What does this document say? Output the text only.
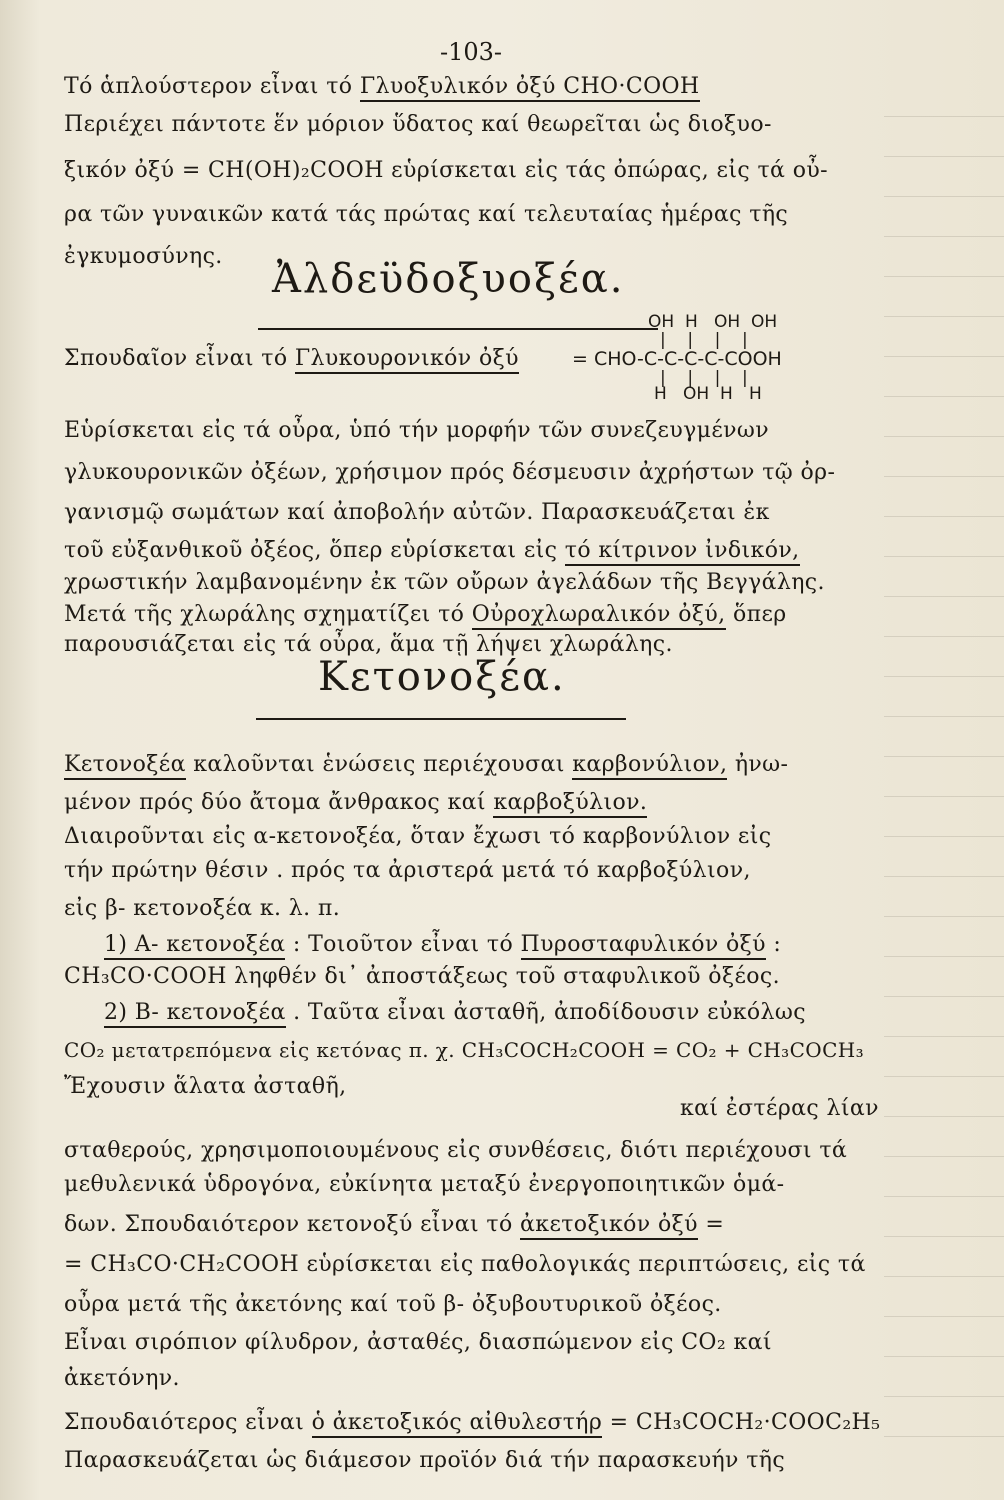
-103-
Τό ἁπλούστερον εἶναι τό Γλυοξυλικόν ὀξύ CHO·COOH
Περιέχει πάντοτε ἕν μόριον ὕδατος καί θεωρεῖται ὡς διοξυο-
ξικόν ὀξύ = CH(OH)₂COOH εὑρίσκεται εἰς τάς ὀπώρας, εἰς τά οὖ-
ρα τῶν γυναικῶν κατά τάς πρώτας καί τελευταίας ἡμέρας τῆς
ἐγκυμοσύνης. Ἀλδεϋδοξυοξέα.
OH  H   OH  OH
|    |    |    |
= CHO-C-C-C-C-COOH
|    |    |    |
H   OH  H   H
Σπουδαῖον εἶναι τό Γλυκουρονικόν ὀξύ
Εὑρίσκεται εἰς τά οὖρα, ὑπό τήν μορφήν τῶν συνεζευγμένων
γλυκουρονικῶν ὀξέων, χρήσιμον πρός δέσμευσιν ἀχρήστων τῷ ὀρ-
γανισμῷ σωμάτων καί ἀποβολήν αὐτῶν. Παρασκευάζεται ἐκ
τοῦ εὐξανθικοῦ ὀξέος, ὅπερ εὑρίσκεται εἰς τό κίτρινον ἰνδικόν,
χρωστικήν λαμβανομένην ἐκ τῶν οὔρων ἀγελάδων τῆς Βεγγάλης.
Μετά τῆς χλωράλης σχηματίζει τό Οὐροχλωραλικόν ὀξύ, ὅπερ
παρουσιάζεται εἰς τά οὖρα, ἅμα τῇ λήψει χλωράλης.
Κετονοξέα.
Κετονοξέα καλοῦνται ἑνώσεις περιέχουσαι καρβονύλιον, ἠνω-
μένον πρός δύο ἄτομα ἄνθρακος καί καρβοξύλιον.
Διαιροῦνται εἰς α-κετονοξέα, ὅταν ἔχωσι τό καρβονύλιον εἰς
τήν πρώτην θέσιν . πρός τα ἀριστερά μετά τό καρβοξύλιον,
εἰς β- κετονοξέα κ. λ. π.
1) Α- κετονοξέα : Τοιοῦτον εἶναι τό Πυροσταφυλικόν ὀξύ :
CH₃CO·COOH ληφθέν δι᾽ ἀποστάξεως τοῦ σταφυλικοῦ ὀξέος.
2) Β- κετονοξέα . Ταῦτα εἶναι ἀσταθῆ, ἀποδίδουσιν εὐκόλως
CO₂ μετατρεπόμενα εἰς κετόνας π. χ. CH₃COCH₂COOH = CO₂ + CH₃COCH₃
Ἔχουσιν ἅλατα ἀσταθῆ,
καί ἐστέρας λίαν
σταθερούς, χρησιμοποιουμένους εἰς συνθέσεις, διότι περιέχουσι τά
μεθυλενικά ὑδρογόνα, εὐκίνητα μεταξύ ἐνεργοποιητικῶν ὁμά-
δων. Σπουδαιότερον κετονοξύ εἶναι τό ἀκετοξικόν ὀξύ =
= CH₃CO·CH₂COOH εὑρίσκεται εἰς παθολογικάς περιπτώσεις, εἰς τά
οὖρα μετά τῆς ἀκετόνης καί τοῦ β- ὀξυβουτυρικοῦ ὀξέος.
Εἶναι σιρόπιον φίλυδρον, ἀσταθές, διασπώμενον εἰς CO₂ καί
ἀκετόνην.
Σπουδαιότερος εἶναι ὁ ἀκετοξικός αἰθυλεστήρ = CH₃COCH₂·COOC₂H₅
Παρασκευάζεται ὡς διάμεσον προϊόν διά τήν παρασκευήν τῆς
